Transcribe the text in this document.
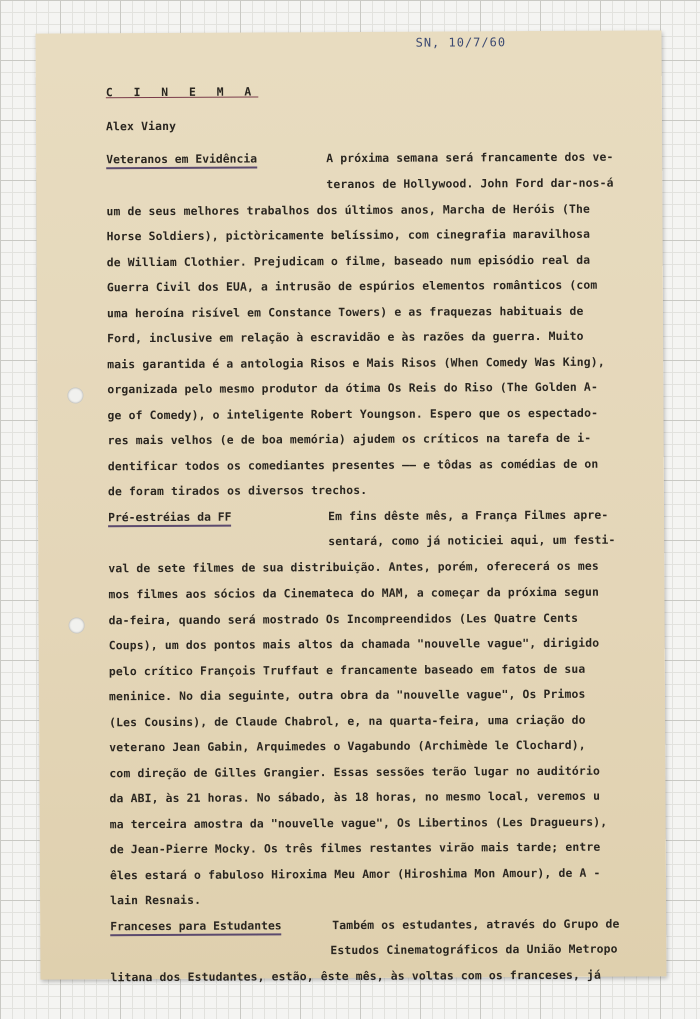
SN, 10/7/60
C I N E M A
Alex Viany
Veteranos em Evidência	A próxima semana será francamente dos ve-
teranos de Hollywood. John Ford dar-nos-á
um de seus melhores trabalhos dos últimos anos, Marcha de Heróis (The
Horse Soldiers), pictòricamente belíssimo, com cinegrafia maravilhosa
de William Clothier. Prejudicam o filme, baseado num episódio real da
Guerra Civil dos EUA, a intrusão de espúrios elementos românticos (com
uma heroína risível em Constance Towers) e as fraquezas habituais de
Ford, inclusive em relação à escravidão e às razões da guerra. Muito
mais garantida é a antologia Risos e Mais Risos (When Comedy Was King),
organizada pelo mesmo produtor da ótima Os Reis do Riso (The Golden A-
ge of Comedy), o inteligente Robert Youngson. Espero que os espectado-
res mais velhos (e de boa memória) ajudem os críticos na tarefa de i-
dentificar todos os comediantes presentes –– e tôdas as comédias de on
de foram tirados os diversos trechos.
Pré-estréias da FF	Em fins dêste mês, a França Filmes apre-
sentará, como já noticiei aqui, um festi-
val de sete filmes de sua distribuição. Antes, porém, oferecerá os mes
mos filmes aos sócios da Cinemateca do MAM, a começar da próxima segun
da-feira, quando será mostrado Os Incompreendidos (Les Quatre Cents
Coups), um dos pontos mais altos da chamada "nouvelle vague", dirigido
pelo crítico François Truffaut e francamente baseado em fatos de sua
meninice. No dia seguinte, outra obra da "nouvelle vague", Os Primos
(Les Cousins), de Claude Chabrol, e, na quarta-feira, uma criação do
veterano Jean Gabin, Arquimedes o Vagabundo (Archimède le Clochard),
com direção de Gilles Grangier. Essas sessões terão lugar no auditório
da ABI, às 21 horas. No sábado, às 18 horas, no mesmo local, veremos u
ma terceira amostra da "nouvelle vague", Os Libertinos (Les Dragueurs),
de Jean-Pierre Mocky. Os três filmes restantes virão mais tarde; entre
êles estará o fabuloso Hiroxima Meu Amor (Hiroshima Mon Amour), de A -
lain Resnais.
Franceses para Estudantes	Também os estudantes, através do Grupo de
Estudos Cinematográficos da União Metropo
litana dos Estudantes, estão, êste mês, às voltas com os franceses, já
